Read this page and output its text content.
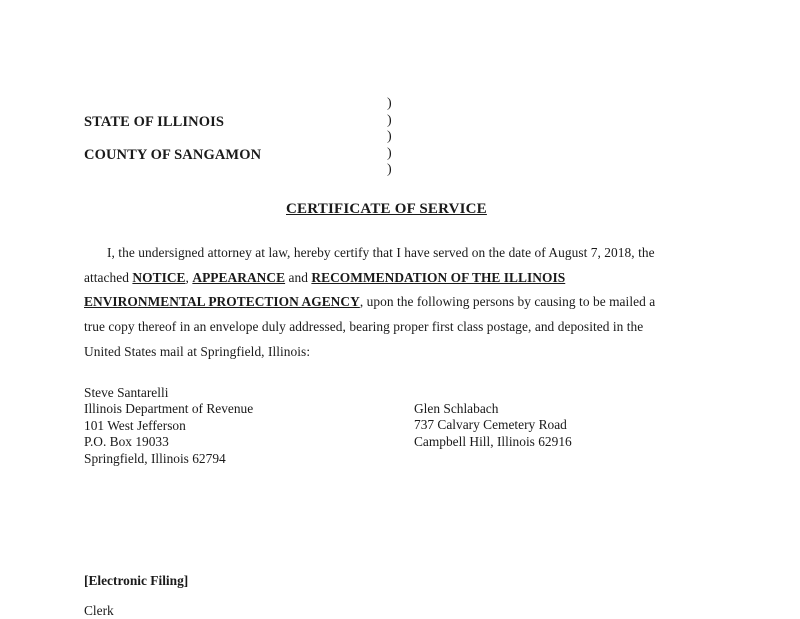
STATE OF ILLINOIS
COUNTY OF SANGAMON
)
)
)
)
)
CERTIFICATE OF SERVICE
I, the undersigned attorney at law, hereby certify that I have served on the date of August 7, 2018, the
attached NOTICE, APPEARANCE and RECOMMENDATION OF THE ILLINOIS
ENVIRONMENTAL PROTECTION AGENCY, upon the following persons by causing to be mailed a
true copy thereof in an envelope duly addressed, bearing proper first class postage, and deposited in the
United States mail at Springfield, Illinois:
Steve Santarelli
Illinois Department of Revenue
101 West Jefferson
P.O. Box 19033
Springfield, Illinois 62794
Glen Schlabach
737 Calvary Cemetery Road
Campbell Hill, Illinois 62916
[Electronic Filing]
Clerk
